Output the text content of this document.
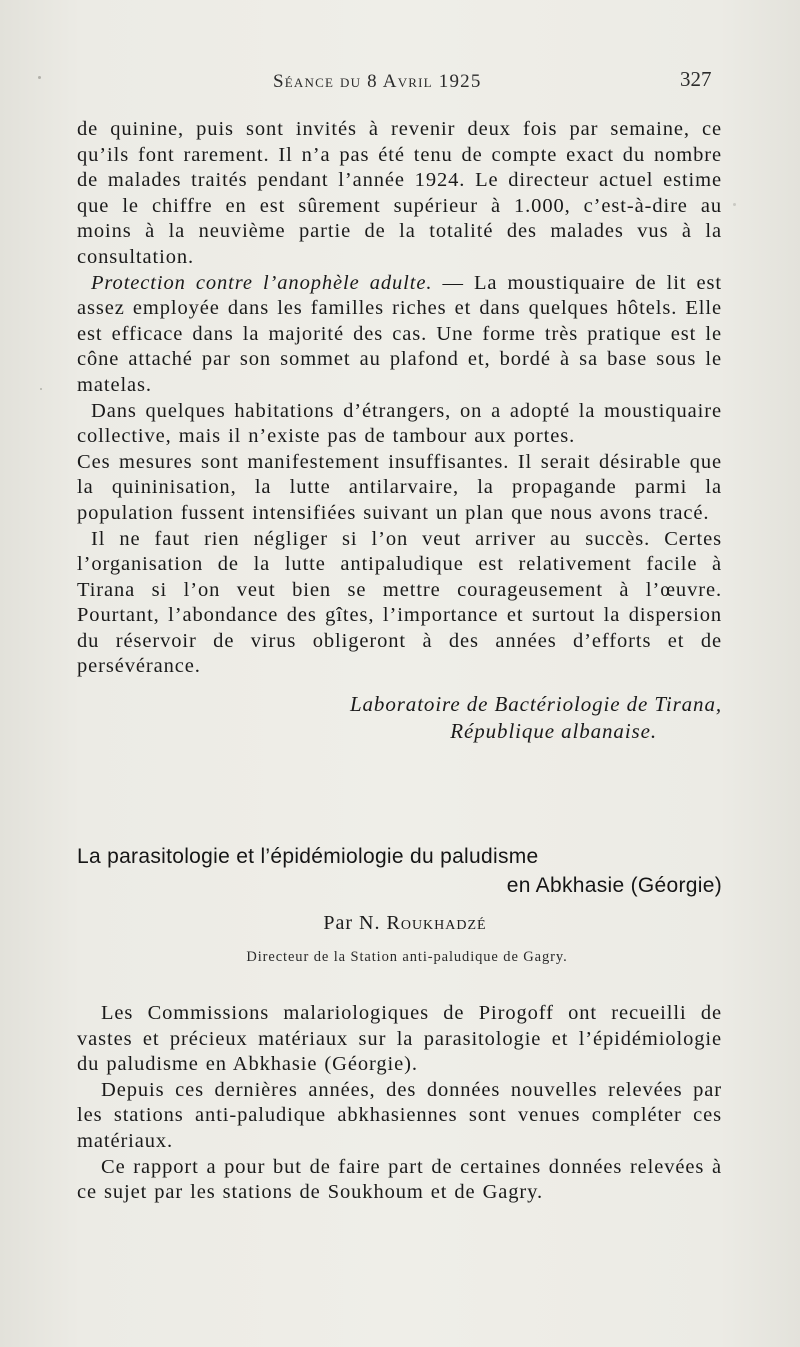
Séance du 8 Avril 1925	327

de quinine, puis sont invités à revenir deux fois par semaine, ce qu’ils font rarement. Il n’a pas été tenu de compte exact du nombre de malades traités pendant l’année 1924. Le directeur actuel estime que le chiffre en est sûrement supérieur à 1.000, c’est-à-dire au moins à la neuvième partie de la totalité des malades vus à la consultation.

Protection contre l’anophèle adulte. — La moustiquaire de lit est assez employée dans les familles riches et dans quelques hôtels. Elle est efficace dans la majorité des cas. Une forme très pratique est le cône attaché par son sommet au plafond et, bordé à sa base sous le matelas.

Dans quelques habitations d’étrangers, on a adopté la moustiquaire collective, mais il n’existe pas de tambour aux portes.

Ces mesures sont manifestement insuffisantes. Il serait désirable que la quininisation, la lutte antilarvaire, la propagande parmi la population fussent intensifiées suivant un plan que nous avons tracé.

Il ne faut rien négliger si l’on veut arriver au succès. Certes l’organisation de la lutte antipaludique est relativement facile à Tirana si l’on veut bien se mettre courageusement à l’œuvre. Pourtant, l’abondance des gîtes, l’importance et surtout la dispersion du réservoir de virus obligeront à des années d’efforts et de persévérance.

Laboratoire de Bactériologie de Tirana,
République albanaise.
La parasitologie et l’épidémiologie du paludisme
en Abkhasie (Géorgie)
Par N. Roukhadzé
Directeur de la Station anti-paludique de Gagry.

Les Commissions malariologiques de Pirogoff ont recueilli de vastes et précieux matériaux sur la parasitologie et l’épidémiologie du paludisme en Abkhasie (Géorgie).

Depuis ces dernières années, des données nouvelles relevées par les stations anti-paludique abkhasiennes sont venues compléter ces matériaux.

Ce rapport a pour but de faire part de certaines données relevées à ce sujet par les stations de Soukhoum et de Gagry.
